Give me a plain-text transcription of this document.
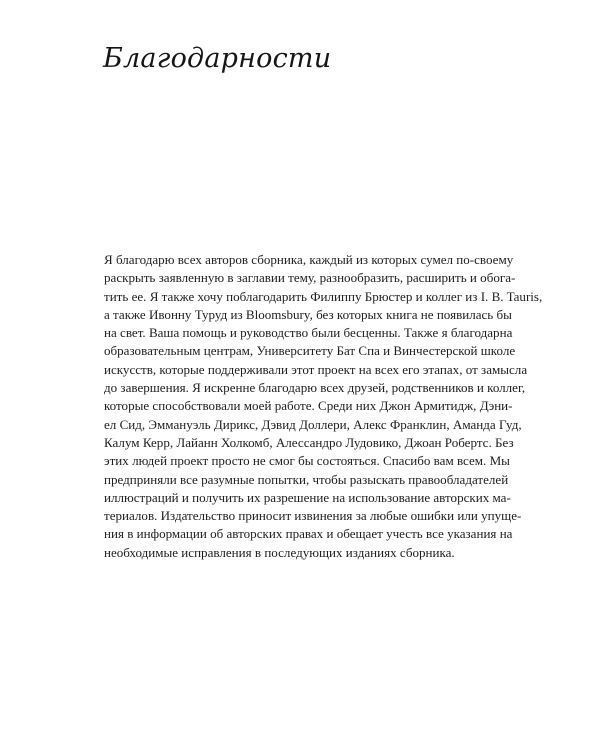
Благодарности
Я благодарю всех авторов сборника, каждый из которых сумел по-своему
раскрыть заявленную в заглавии тему, разнообразить, расширить и обога-
тить ее. Я также хочу поблагодарить Филиппу Брюстер и коллег из I. B. Tauris,
а также Ивонну Туруд из Bloomsbury, без которых книга не появилась бы
на свет. Ваша помощь и руководство были бесценны. Также я благодарна
образовательным центрам, Университету Бат Спа и Винчестерской школе
искусств, которые поддерживали этот проект на всех его этапах, от замысла
до завершения. Я искренне благодарю всех друзей, родственников и коллег,
которые способствовали моей работе. Среди них Джон Армитидж, Дэни-
ел Сид, Эммануэль Дирикс, Дэвид Доллери, Алекс Франклин, Аманда Гуд,
Калум Керр, Лайанн Холкомб, Алессандро Лудовико, Джоан Робертс. Без
этих людей проект просто не смог бы состояться. Спасибо вам всем. Мы
предприняли все разумные попытки, чтобы разыскать правообладателей
иллюстраций и получить их разрешение на использование авторских ма-
териалов. Издательство приносит извинения за любые ошибки или упуще-
ния в информации об авторских правах и обещает учесть все указания на
необходимые исправления в последующих изданиях сборника.
